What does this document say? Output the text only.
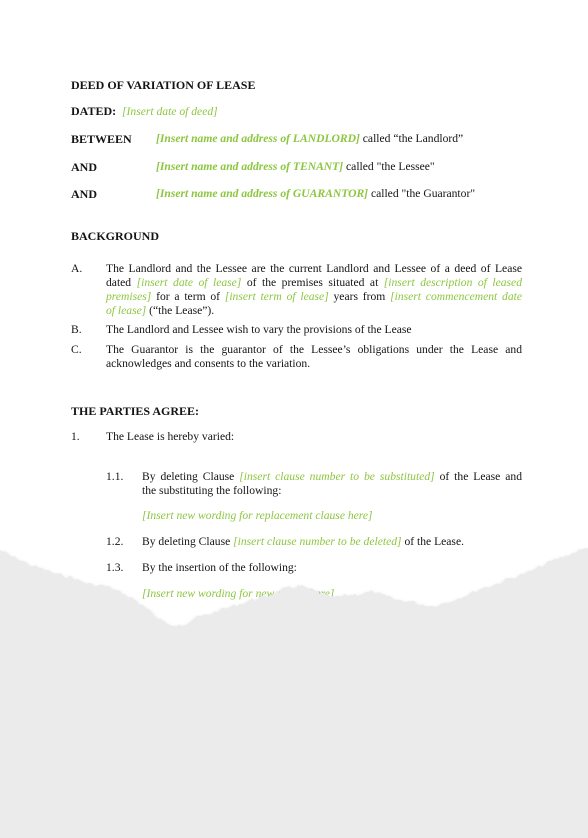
DEED OF VARIATION OF LEASE
DATED: [Insert date of deed]
BETWEEN [Insert name and address of LANDLORD] called “the Landlord”
AND	[Insert name and address of TENANT] called "the Lessee"
AND	[Insert name and address of GUARANTOR] called "the Guarantor"
BACKGROUND
A. The Landlord and the Lessee are the current Landlord and Lessee of a deed of Lease
dated [insert date of lease] of the premises situated at [insert description of leased
premises] for a term of [insert term of lease] years from [insert commencement date
of lease] (“the Lease”).
B. The Landlord and Lessee wish to vary the provisions of the Lease
C. The Guarantor is the guarantor of the Lessee’s obligations under the Lease and
acknowledges and consents to the variation.
THE PARTIES AGREE:
1. The Lease is hereby varied:
1.1. By deleting Clause [insert clause number to be substituted] of the Lease and
the substituting the following:
[Insert new wording for replacement clause here]
1.2. By deleting Clause [insert clause number to be deleted] of the Lease.
1.3. By the insertion of the following:
[Insert new wording for new clause here]
